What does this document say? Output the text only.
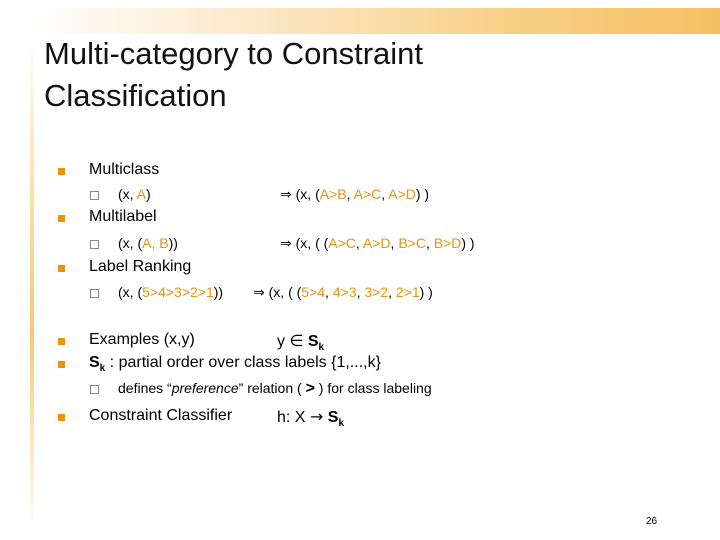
Multi-category to Constraint
Classification
Multiclass
(x, A)	⇒ (x, (A>B, A>C, A>D) )
Multilabel
(x, (A, B))	⇒ (x, ( (A>C, A>D, B>C, B>D) )
Label Ranking
(x, (5>4>3>2>1)) ⇒ (x, ( (5>4, 4>3, 3>2, 2>1) )
Examples (x,y)	y ∈ $S_k$
$S_k$ : partial order over class labels {1,...,k}
defines “preference” relation ( > ) for class labeling
Constraint Classifier	h: $X \to S_k$
26
